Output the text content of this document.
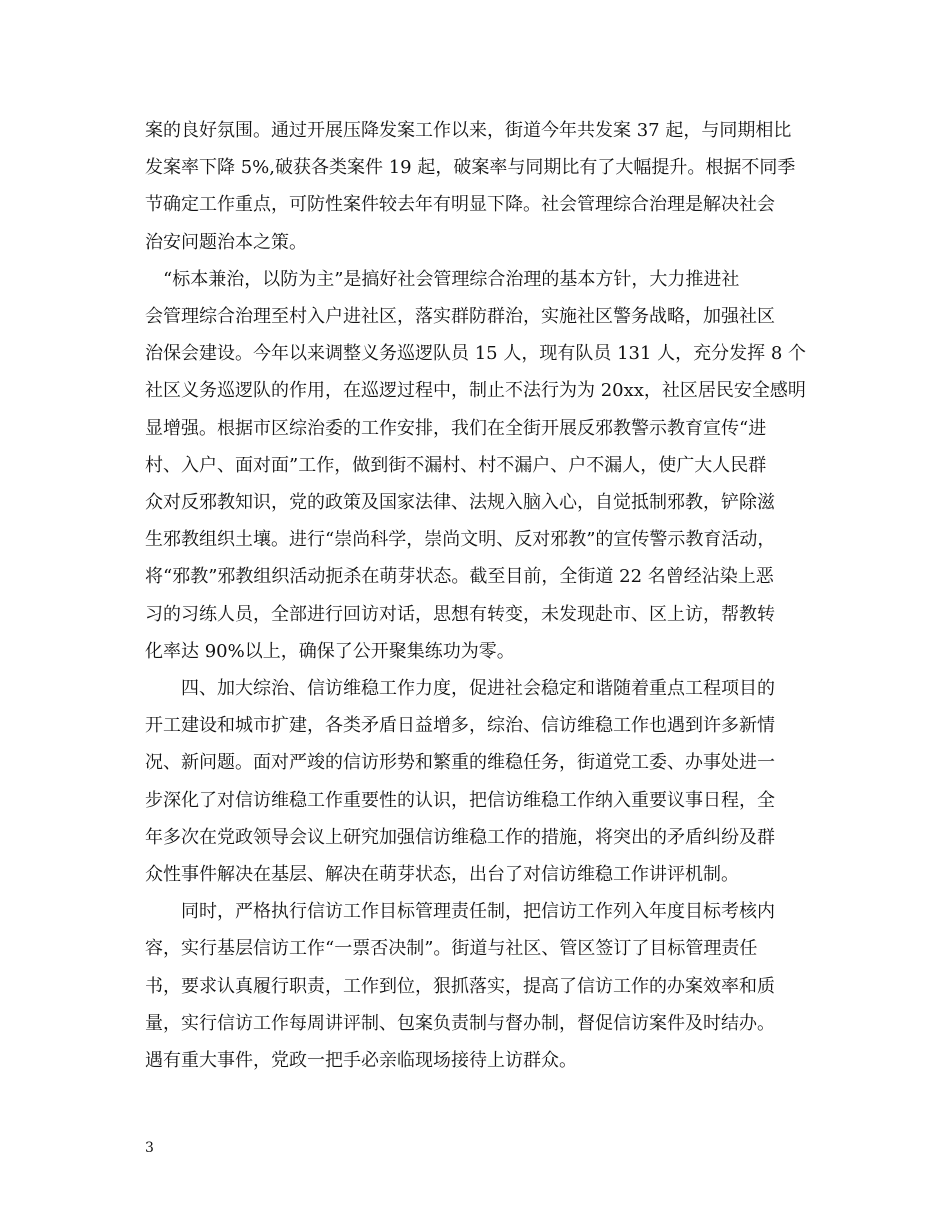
案的良好氛围。通过开展压降发案工作以来，街道今年共发案 37 起，与同期相比
发案率下降 5%,破获各类案件 19 起，破案率与同期比有了大幅提升。根据不同季
节确定工作重点，可防性案件较去年有明显下降。社会管理综合治理是解决社会
治安问题治本之策。

“标本兼治，以防为主”是搞好社会管理综合治理的基本方针，大力推进社
会管理综合治理至村入户进社区，落实群防群治，实施社区警务战略，加强社区
治保会建设。今年以来调整义务巡逻队员 15 人，现有队员 131 人，充分发挥 8 个
社区义务巡逻队的作用，在巡逻过程中，制止不法行为为 20xx，社区居民安全感明
显增强。根据市区综治委的工作安排，我们在全街开展反邪教警示教育宣传“进
村、入户、面对面”工作，做到街不漏村、村不漏户、户不漏人，使广大人民群
众对反邪教知识，党的政策及国家法律、法规入脑入心，自觉抵制邪教，铲除滋
生邪教组织土壤。进行“崇尚科学，崇尚文明、反对邪教”的宣传警示教育活动，
将“邪教”邪教组织活动扼杀在萌芽状态。截至目前，全街道 22 名曾经沾染上恶
习的习练人员，全部进行回访对话，思想有转变，未发现赴市、区上访，帮教转
化率达 90%以上，确保了公开聚集练功为零。

四、加大综治、信访维稳工作力度，促进社会稳定和谐随着重点工程项目的
开工建设和城市扩建，各类矛盾日益增多，综治、信访维稳工作也遇到许多新情
况、新问题。面对严竣的信访形势和繁重的维稳任务，街道党工委、办事处进一
步深化了对信访维稳工作重要性的认识，把信访维稳工作纳入重要议事日程，全
年多次在党政领导会议上研究加强信访维稳工作的措施，将突出的矛盾纠纷及群
众性事件解决在基层、解决在萌芽状态，出台了对信访维稳工作讲评机制。

同时，严格执行信访工作目标管理责任制，把信访工作列入年度目标考核内
容，实行基层信访工作“一票否决制”。街道与社区、管区签订了目标管理责任
书，要求认真履行职责，工作到位，狠抓落实，提高了信访工作的办案效率和质
量，实行信访工作每周讲评制、包案负责制与督办制，督促信访案件及时结办。
遇有重大事件，党政一把手必亲临现场接待上访群众。

3
